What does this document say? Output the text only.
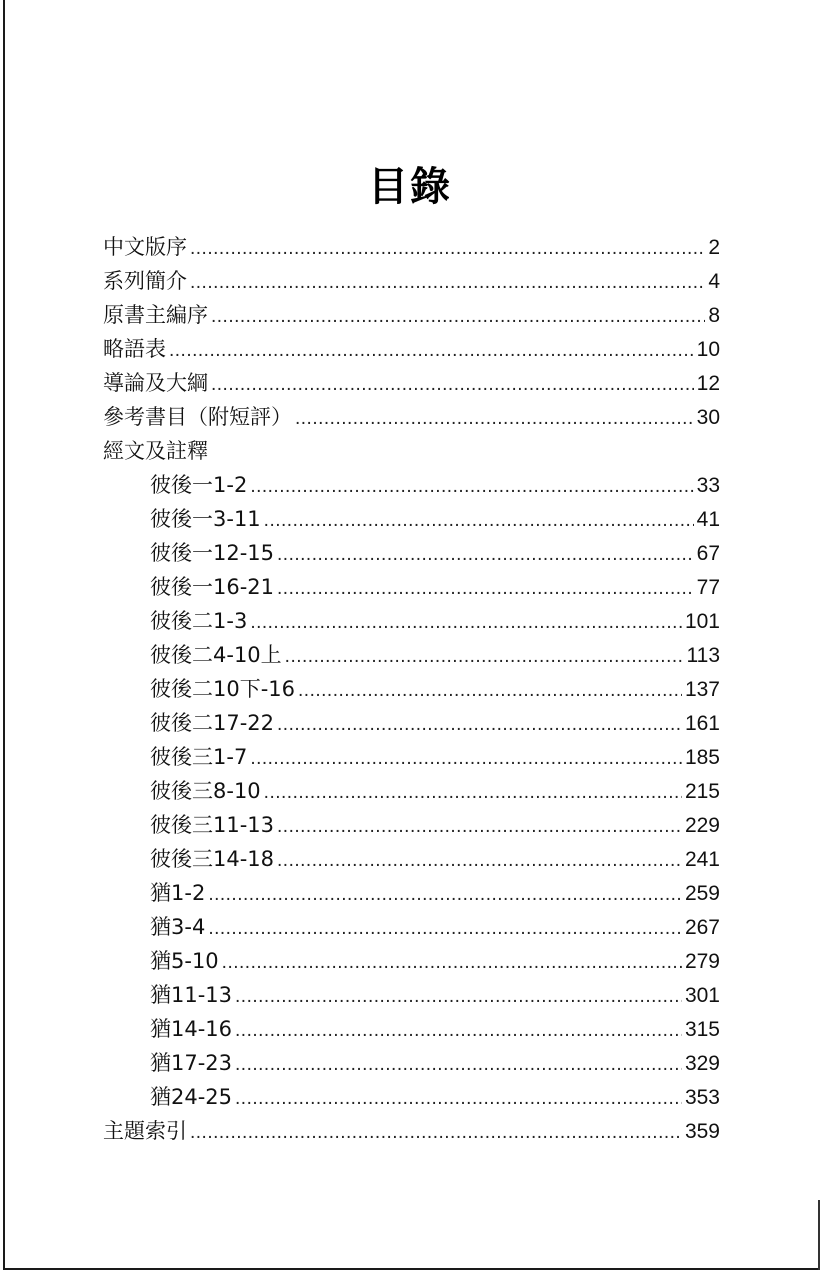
目錄
中文版序 .....	2
系列簡介 .....	4
原書主編序 .....	8
略語表 .....	10
導論及大綱 .....	12
參考書目（附短評） .....	30
經文及註釋
彼後一1-2 .....	33
彼後一3-11 .....	41
彼後一12-15 .....	67
彼後一16-21 .....	77
彼後二1-3 .....	101
彼後二4-10上 .....	113
彼後二10下-16 .....	137
彼後二17-22 .....	161
彼後三1-7 .....	185
彼後三8-10 .....	215
彼後三11-13 .....	229
彼後三14-18 .....	241
猶1-2 .....	259
猶3-4 .....	267
猶5-10 .....	279
猶11-13 .....	301
猶14-16 .....	315
猶17-23 .....	329
猶24-25 .....	353
主題索引 .....	359
